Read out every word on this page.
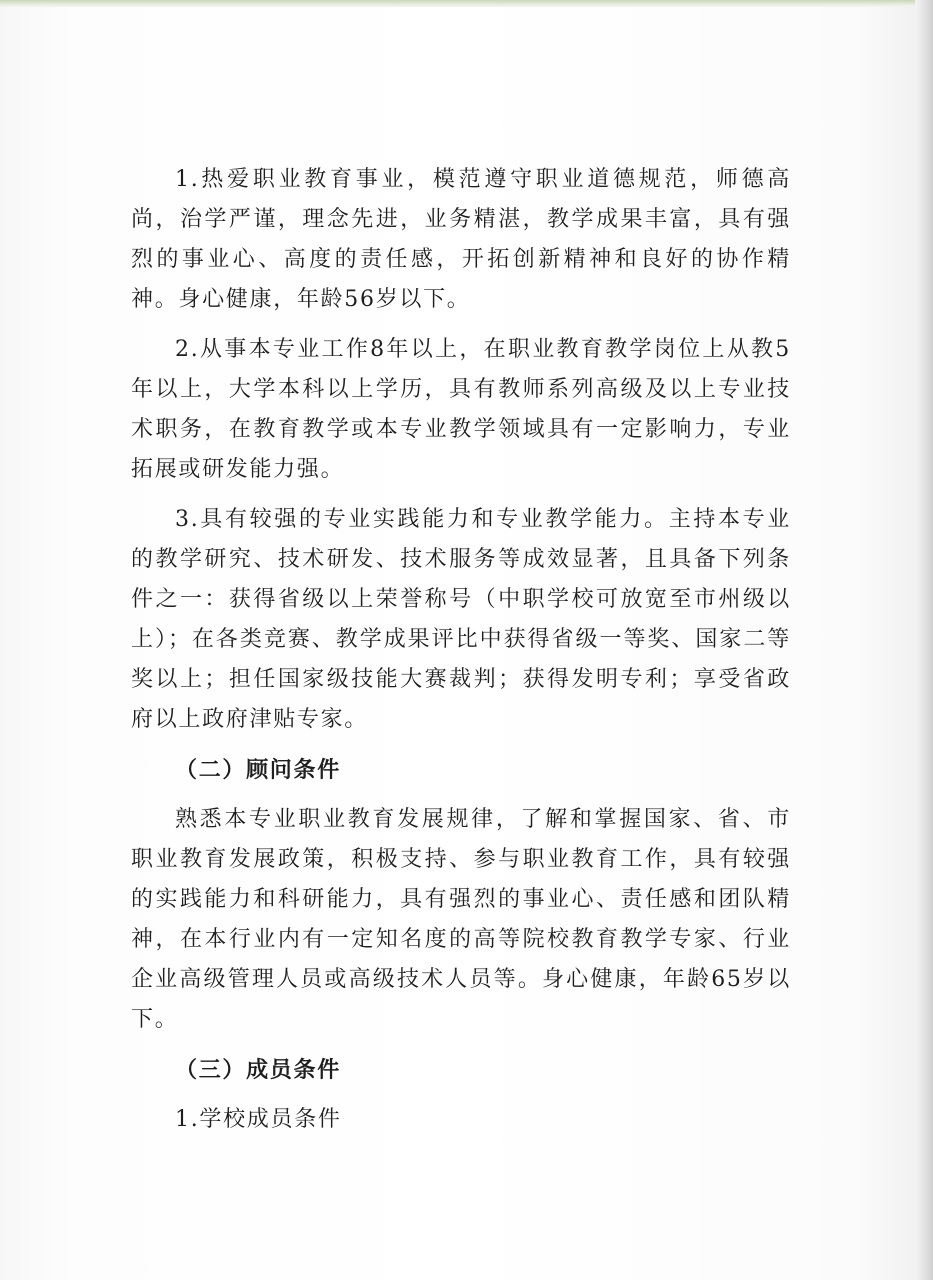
1.热爱职业教育事业，模范遵守职业道德规范，师德高尚，治学严谨，理念先进，业务精湛，教学成果丰富，具有强烈的事业心、高度的责任感，开拓创新精神和良好的协作精神。身心健康，年龄56岁以下。

2.从事本专业工作8年以上，在职业教育教学岗位上从教5年以上，大学本科以上学历，具有教师系列高级及以上专业技术职务，在教育教学或本专业教学领域具有一定影响力，专业拓展或研发能力强。

3.具有较强的专业实践能力和专业教学能力。主持本专业的教学研究、技术研发、技术服务等成效显著，且具备下列条件之一：获得省级以上荣誉称号（中职学校可放宽至市州级以上）；在各类竞赛、教学成果评比中获得省级一等奖、国家二等奖以上；担任国家级技能大赛裁判；获得发明专利；享受省政府以上政府津贴专家。

（二）顾问条件

熟悉本专业职业教育发展规律，了解和掌握国家、省、市职业教育发展政策，积极支持、参与职业教育工作，具有较强的实践能力和科研能力，具有强烈的事业心、责任感和团队精神，在本行业内有一定知名度的高等院校教育教学专家、行业企业高级管理人员或高级技术人员等。身心健康，年龄65岁以下。

（三）成员条件

1.学校成员条件
